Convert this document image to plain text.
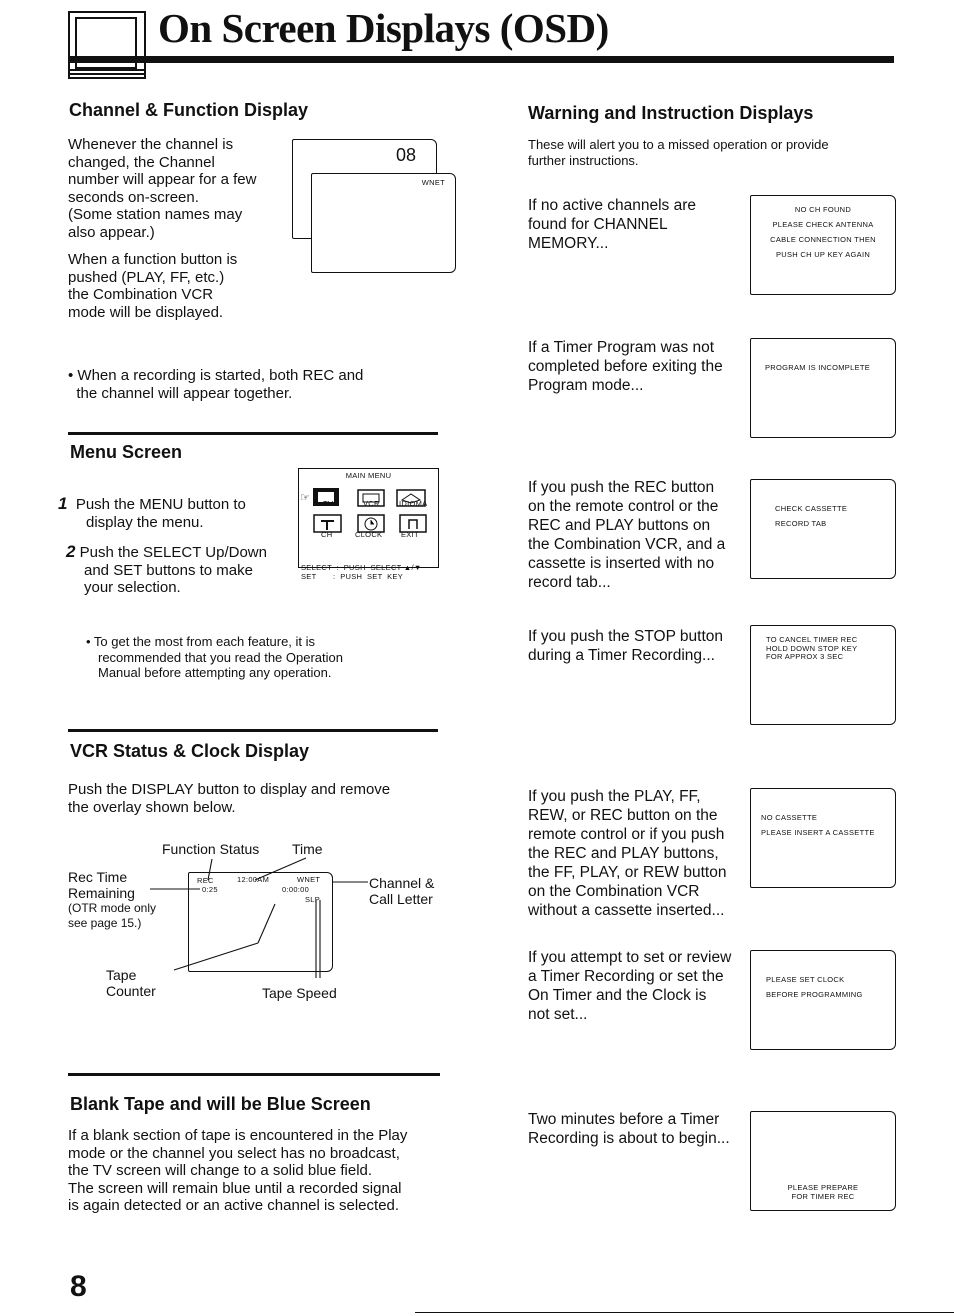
On Screen Displays (OSD)
Channel & Function Display
Whenever the channel is
changed, the Channel
number will appear for a few
seconds on-screen.
(Some station names may
also appear.)
When a function button is
pushed (PLAY, FF, etc.)
the Combination VCR
mode will be displayed.

• When a recording is started, both REC and
the channel will appear together.

08
WNET
Menu Screen
1 Push the MENU button to
display the menu.
2 Push the SELECT Up/Down
and SET buttons to make
your selection.
• To get the most from each feature, it is
recommended that you read the Operation
Manual before attempting any operation.
MAIN MENU
☞ TV	VCR	IDIOMA
CH	CLOCK EXIT

SELECT  :  PUSH  SELECT ▲/▼
SET       :  PUSH  SET  KEY

VCR Status & Clock Display
Push the DISPLAY button to display and remove
the overlay shown below.
Function Status Time
Rec Time
Remaining
(OTR mode only
see page 15.)
Channel &
Call Letter
Tape
Counter	Tape Speed
REC	12:00AM	WNET
0:25	0:00:00
SLP
Blank Tape and will be Blue Screen
If a blank section of tape is encountered in the Play
mode or the channel you select has no broadcast,
the TV screen will change to a solid blue field.
The screen will remain blue until a recorded signal
is again detected or an active channel is selected.
Warning and Instruction Displays
These will alert you to a missed operation or provide
further instructions.
If no active channels are
found for CHANNEL
MEMORY...
NO CH FOUND
PLEASE CHECK ANTENNA
CABLE CONNECTION THEN
PUSH CH UP KEY AGAIN
If a Timer Program was not
completed before exiting the
Program mode...
PROGRAM IS INCOMPLETE
If you push the REC button
on the remote control or the
REC and PLAY buttons on
the Combination VCR, and a
cassette is inserted with no
record tab...
CHECK CASSETTE
RECORD TAB
If you push the STOP button
during a Timer Recording...
TO CANCEL TIMER REC
HOLD DOWN STOP KEY
FOR APPROX 3 SEC
If you push the PLAY, FF,
REW, or REC button on the
remote control or if you push
the REC and PLAY buttons,
the FF, PLAY, or REW button
on the Combination VCR
without a cassette inserted...
NO CASSETTE
PLEASE INSERT A CASSETTE
If you attempt to set or review
a Timer Recording or set the
On Timer and the Clock is
not set...
PLEASE SET CLOCK
BEFORE PROGRAMMING
Two minutes before a Timer
Recording is about to begin...
PLEASE PREPARE
FOR TIMER REC
8
